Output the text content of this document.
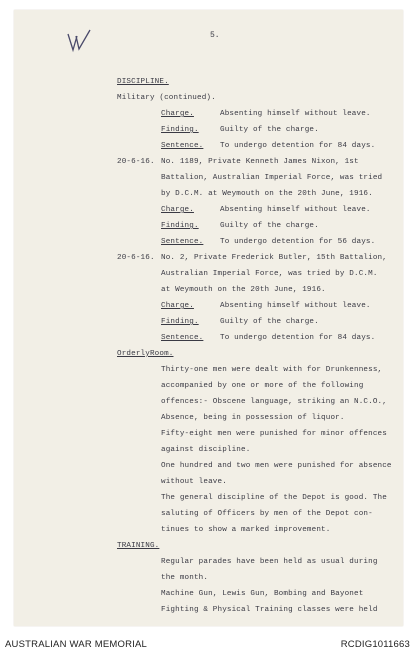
5.
DISCIPLINE.
Military (continued).
Charge.	Absenting himself without leave.
Finding.	Guilty of the charge.
Sentence. To undergo detention for 84 days.
20-6-16. No. 1189, Private Kenneth James Nixon, 1st
Battalion, Australian Imperial Force, was tried
by D.C.M. at Weymouth on the 20th June, 1916.
Charge.	Absenting himself without leave.
Finding.	Guilty of the charge.
Sentence. To undergo detention for 56 days.
20-6-16. No. 2, Private Frederick Butler, 15th Battalion,
Australian Imperial Force, was tried by D.C.M.
at Weymouth on the 20th June, 1916.
Charge.	Absenting himself without leave.
Finding.	Guilty of the charge.
Sentence. To undergo detention for 84 days.
OrderlyRoom.
Thirty-one men were dealt with for Drunkenness,
accompanied by one or more of the following
offences:- Obscene language, striking an N.C.O.,
Absence, being in possession of liquor.
Fifty-eight men were punished for minor offences
against discipline.
One hundred and two men were punished for absence
without leave.
The general discipline of the Depot is good. The
saluting of Officers by men of the Depot con-
tinues to show a marked improvement.
TRAINING.
Regular parades have been held as usual during
the month.
Machine Gun, Lewis Gun, Bombing and Bayonet
Fighting & Physical Training classes were held
AUSTRALIAN WAR MEMORIAL	RCDIG1011663
